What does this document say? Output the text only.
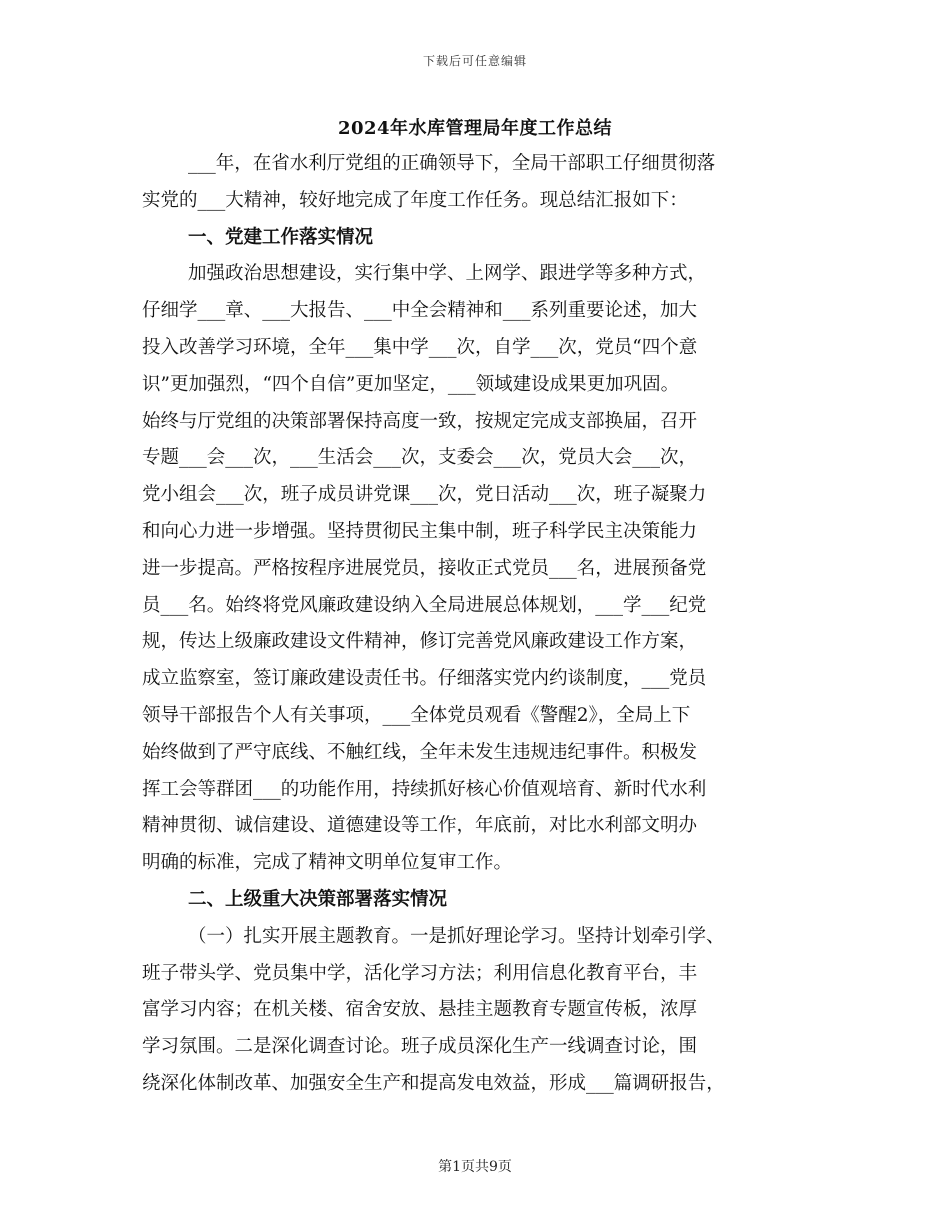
下载后可任意编辑
2024年水库管理局年度工作总结
___年，在省水利厅党组的正确领导下，全局干部职工仔细贯彻落
实党的___大精神，较好地完成了年度工作任务。现总结汇报如下：
一、党建工作落实情况
加强政治思想建设，实行集中学、上网学、跟进学等多种方式，
仔细学___章、___大报告、___中全会精神和___系列重要论述，加大
投入改善学习环境，全年___集中学___次，自学___次，党员“四个意
识”更加强烈，“四个自信”更加坚定，___领域建设成果更加巩固。
始终与厅党组的决策部署保持高度一致，按规定完成支部换届，召开
专题___会___次，___生活会___次，支委会___次，党员大会___次，
党小组会___次，班子成员讲党课___次，党日活动___次，班子凝聚力
和向心力进一步增强。坚持贯彻民主集中制，班子科学民主决策能力
进一步提高。严格按程序进展党员，接收正式党员___名，进展预备党
员___名。始终将党风廉政建设纳入全局进展总体规划，___学___纪党
规，传达上级廉政建设文件精神，修订完善党风廉政建设工作方案，
成立监察室，签订廉政建设责任书。仔细落实党内约谈制度，___党员
领导干部报告个人有关事项，___全体党员观看《警醒2》，全局上下
始终做到了严守底线、不触红线，全年未发生违规违纪事件。积极发
挥工会等群团___的功能作用，持续抓好核心价值观培育、新时代水利
精神贯彻、诚信建设、道德建设等工作，年底前，对比水利部文明办
明确的标准，完成了精神文明单位复审工作。
二、上级重大决策部署落实情况
（一）扎实开展主题教育。一是抓好理论学习。坚持计划牵引学、
班子带头学、党员集中学，活化学习方法；利用信息化教育平台，丰
富学习内容；在机关楼、宿舍安放、悬挂主题教育专题宣传板，浓厚
学习氛围。二是深化调查讨论。班子成员深化生产一线调查讨论，围
绕深化体制改革、加强安全生产和提高发电效益，形成___篇调研报告，
第1页共9页
